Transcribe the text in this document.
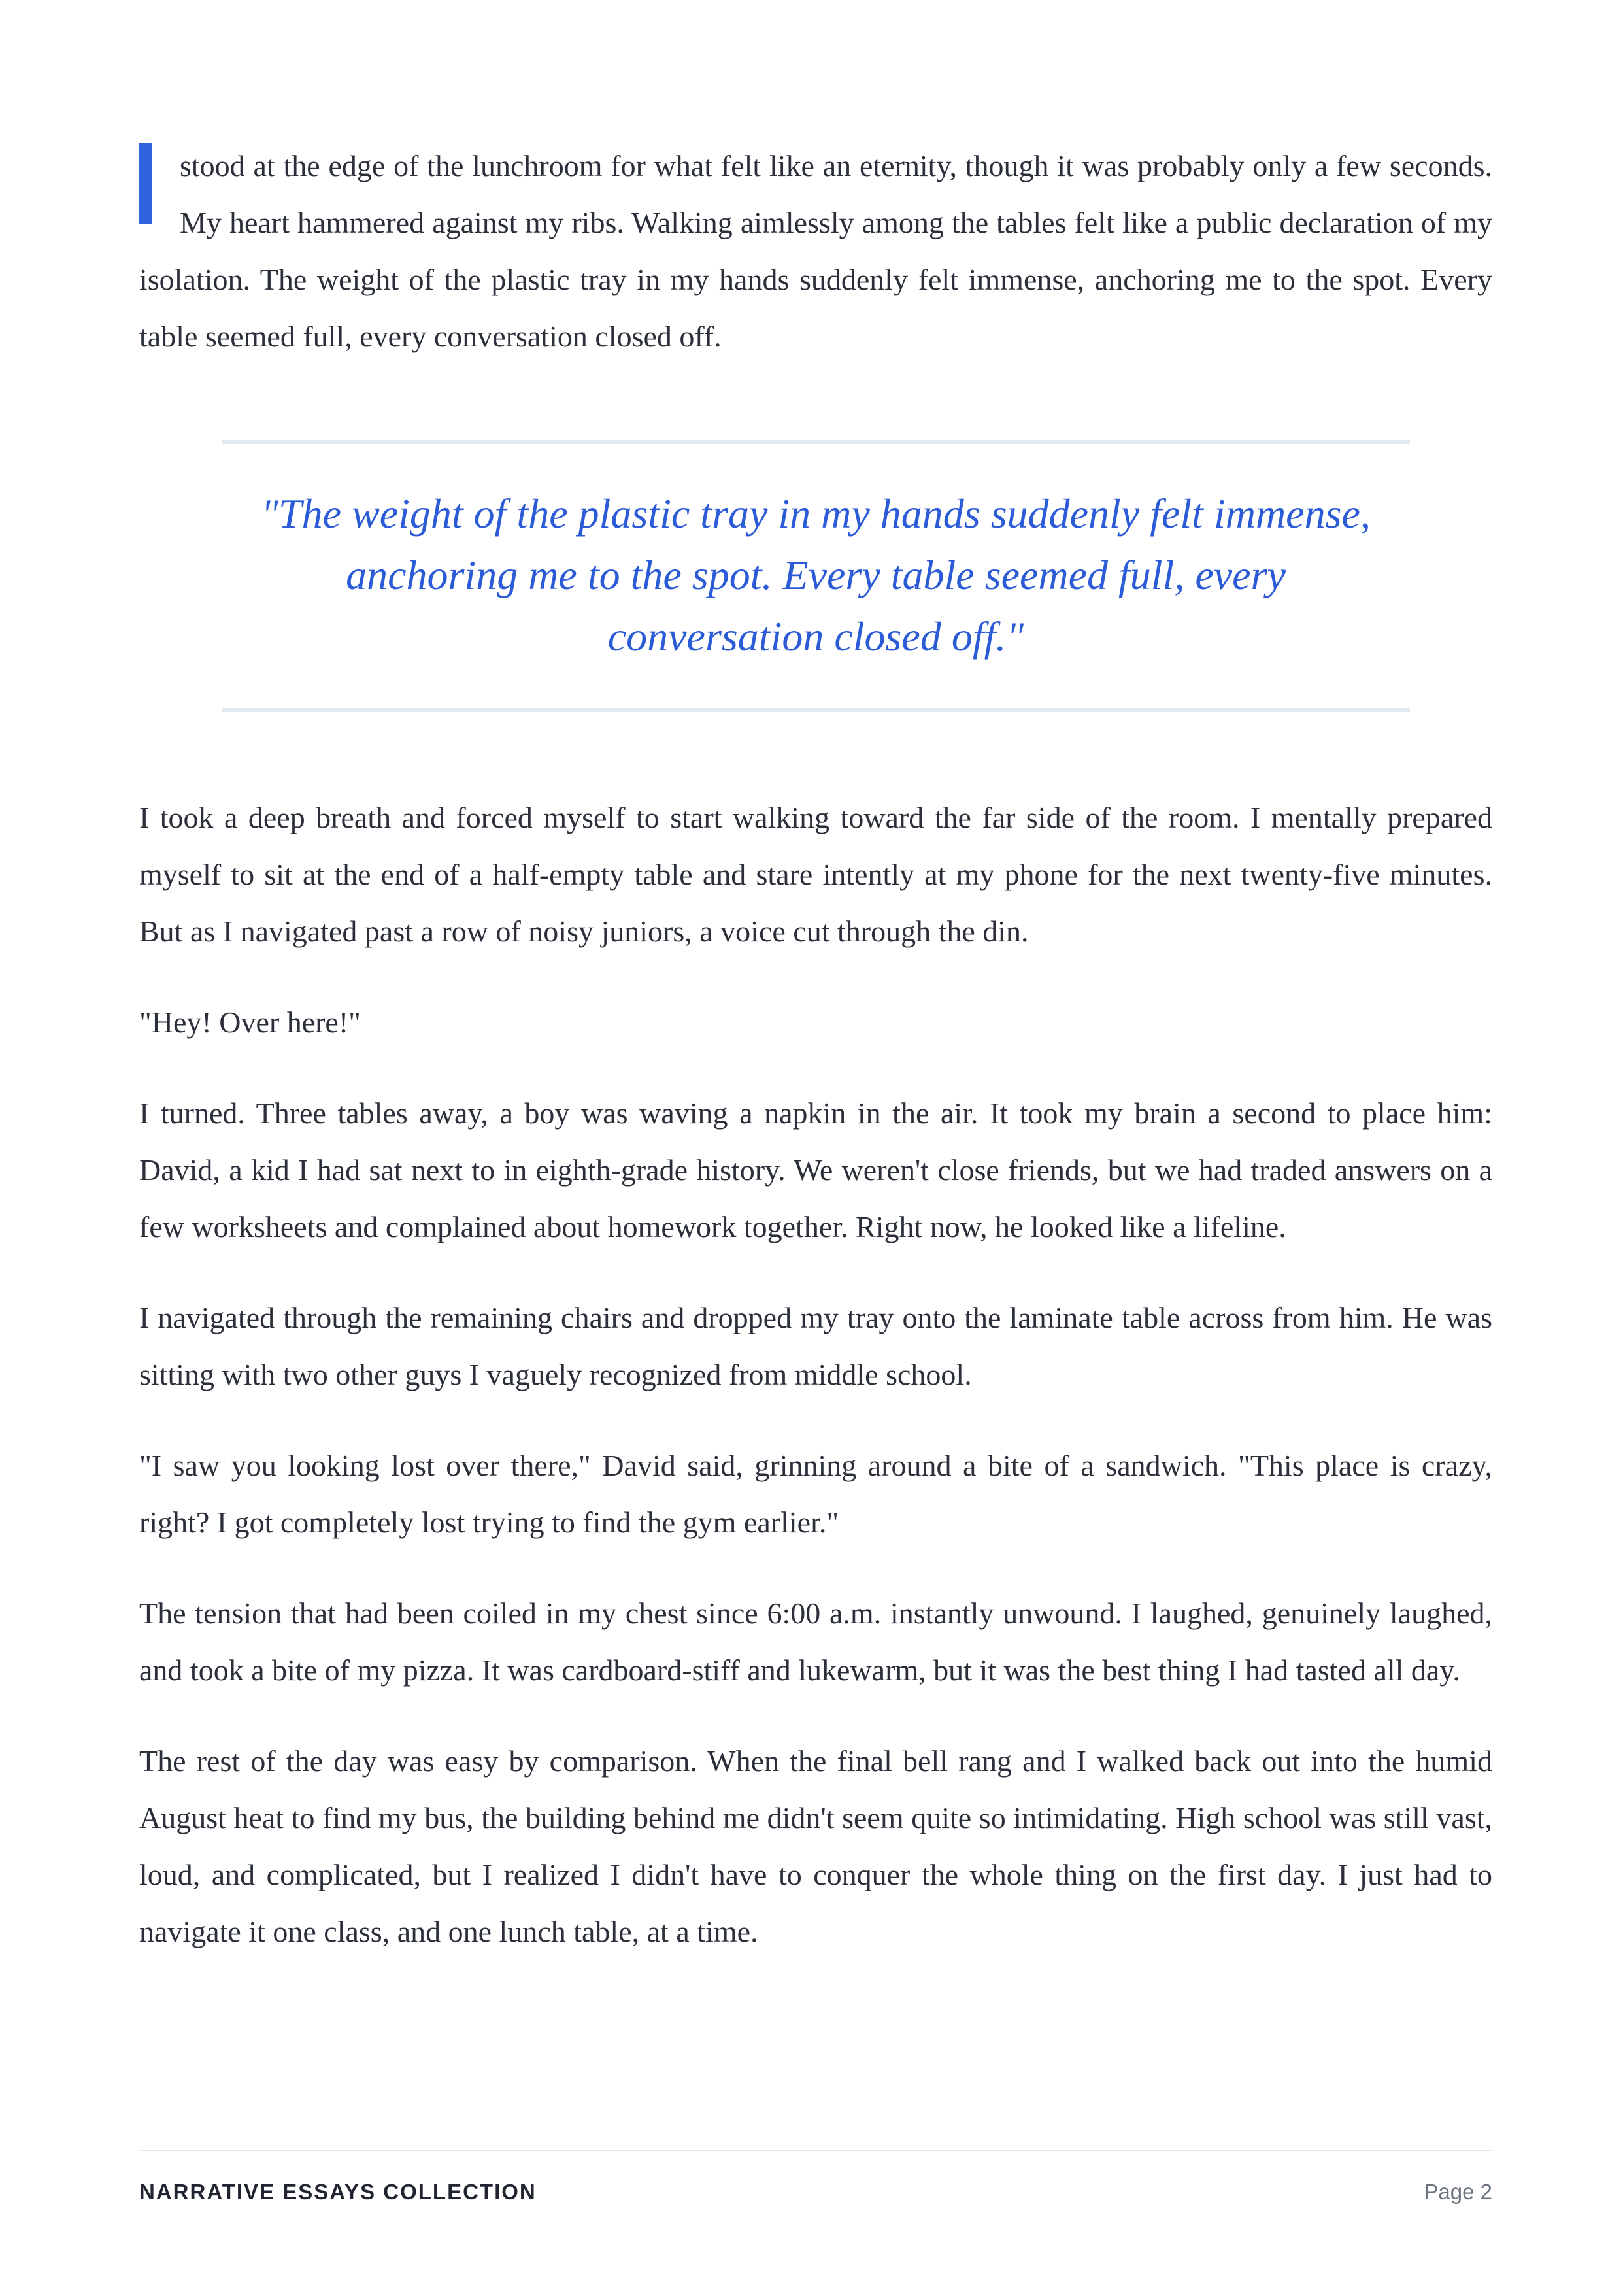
stood at the edge of the lunchroom for what felt like an eternity, though it was probably only a few seconds. My heart hammered against my ribs. Walking aimlessly among the tables felt like a public declaration of my isolation. The weight of the plastic tray in my hands suddenly felt immense, anchoring me to the spot. Every table seemed full, every conversation closed off.

"The weight of the plastic tray in my hands suddenly felt immense, anchoring me to the spot. Every table seemed full, every conversation closed off."

I took a deep breath and forced myself to start walking toward the far side of the room. I mentally prepared myself to sit at the end of a half-empty table and stare intently at my phone for the next twenty-five minutes. But as I navigated past a row of noisy juniors, a voice cut through the din.

"Hey! Over here!"

I turned. Three tables away, a boy was waving a napkin in the air. It took my brain a second to place him: David, a kid I had sat next to in eighth-grade history. We weren't close friends, but we had traded answers on a few worksheets and complained about homework together. Right now, he looked like a lifeline.

I navigated through the remaining chairs and dropped my tray onto the laminate table across from him. He was sitting with two other guys I vaguely recognized from middle school.

"I saw you looking lost over there," David said, grinning around a bite of a sandwich. "This place is crazy, right? I got completely lost trying to find the gym earlier."

The tension that had been coiled in my chest since 6:00 a.m. instantly unwound. I laughed, genuinely laughed, and took a bite of my pizza. It was cardboard-stiff and lukewarm, but it was the best thing I had tasted all day.

The rest of the day was easy by comparison. When the final bell rang and I walked back out into the humid August heat to find my bus, the building behind me didn't seem quite so intimidating. High school was still vast, loud, and complicated, but I realized I didn't have to conquer the whole thing on the first day. I just had to navigate it one class, and one lunch table, at a time.

NARRATIVE ESSAYS COLLECTION	Page 2
